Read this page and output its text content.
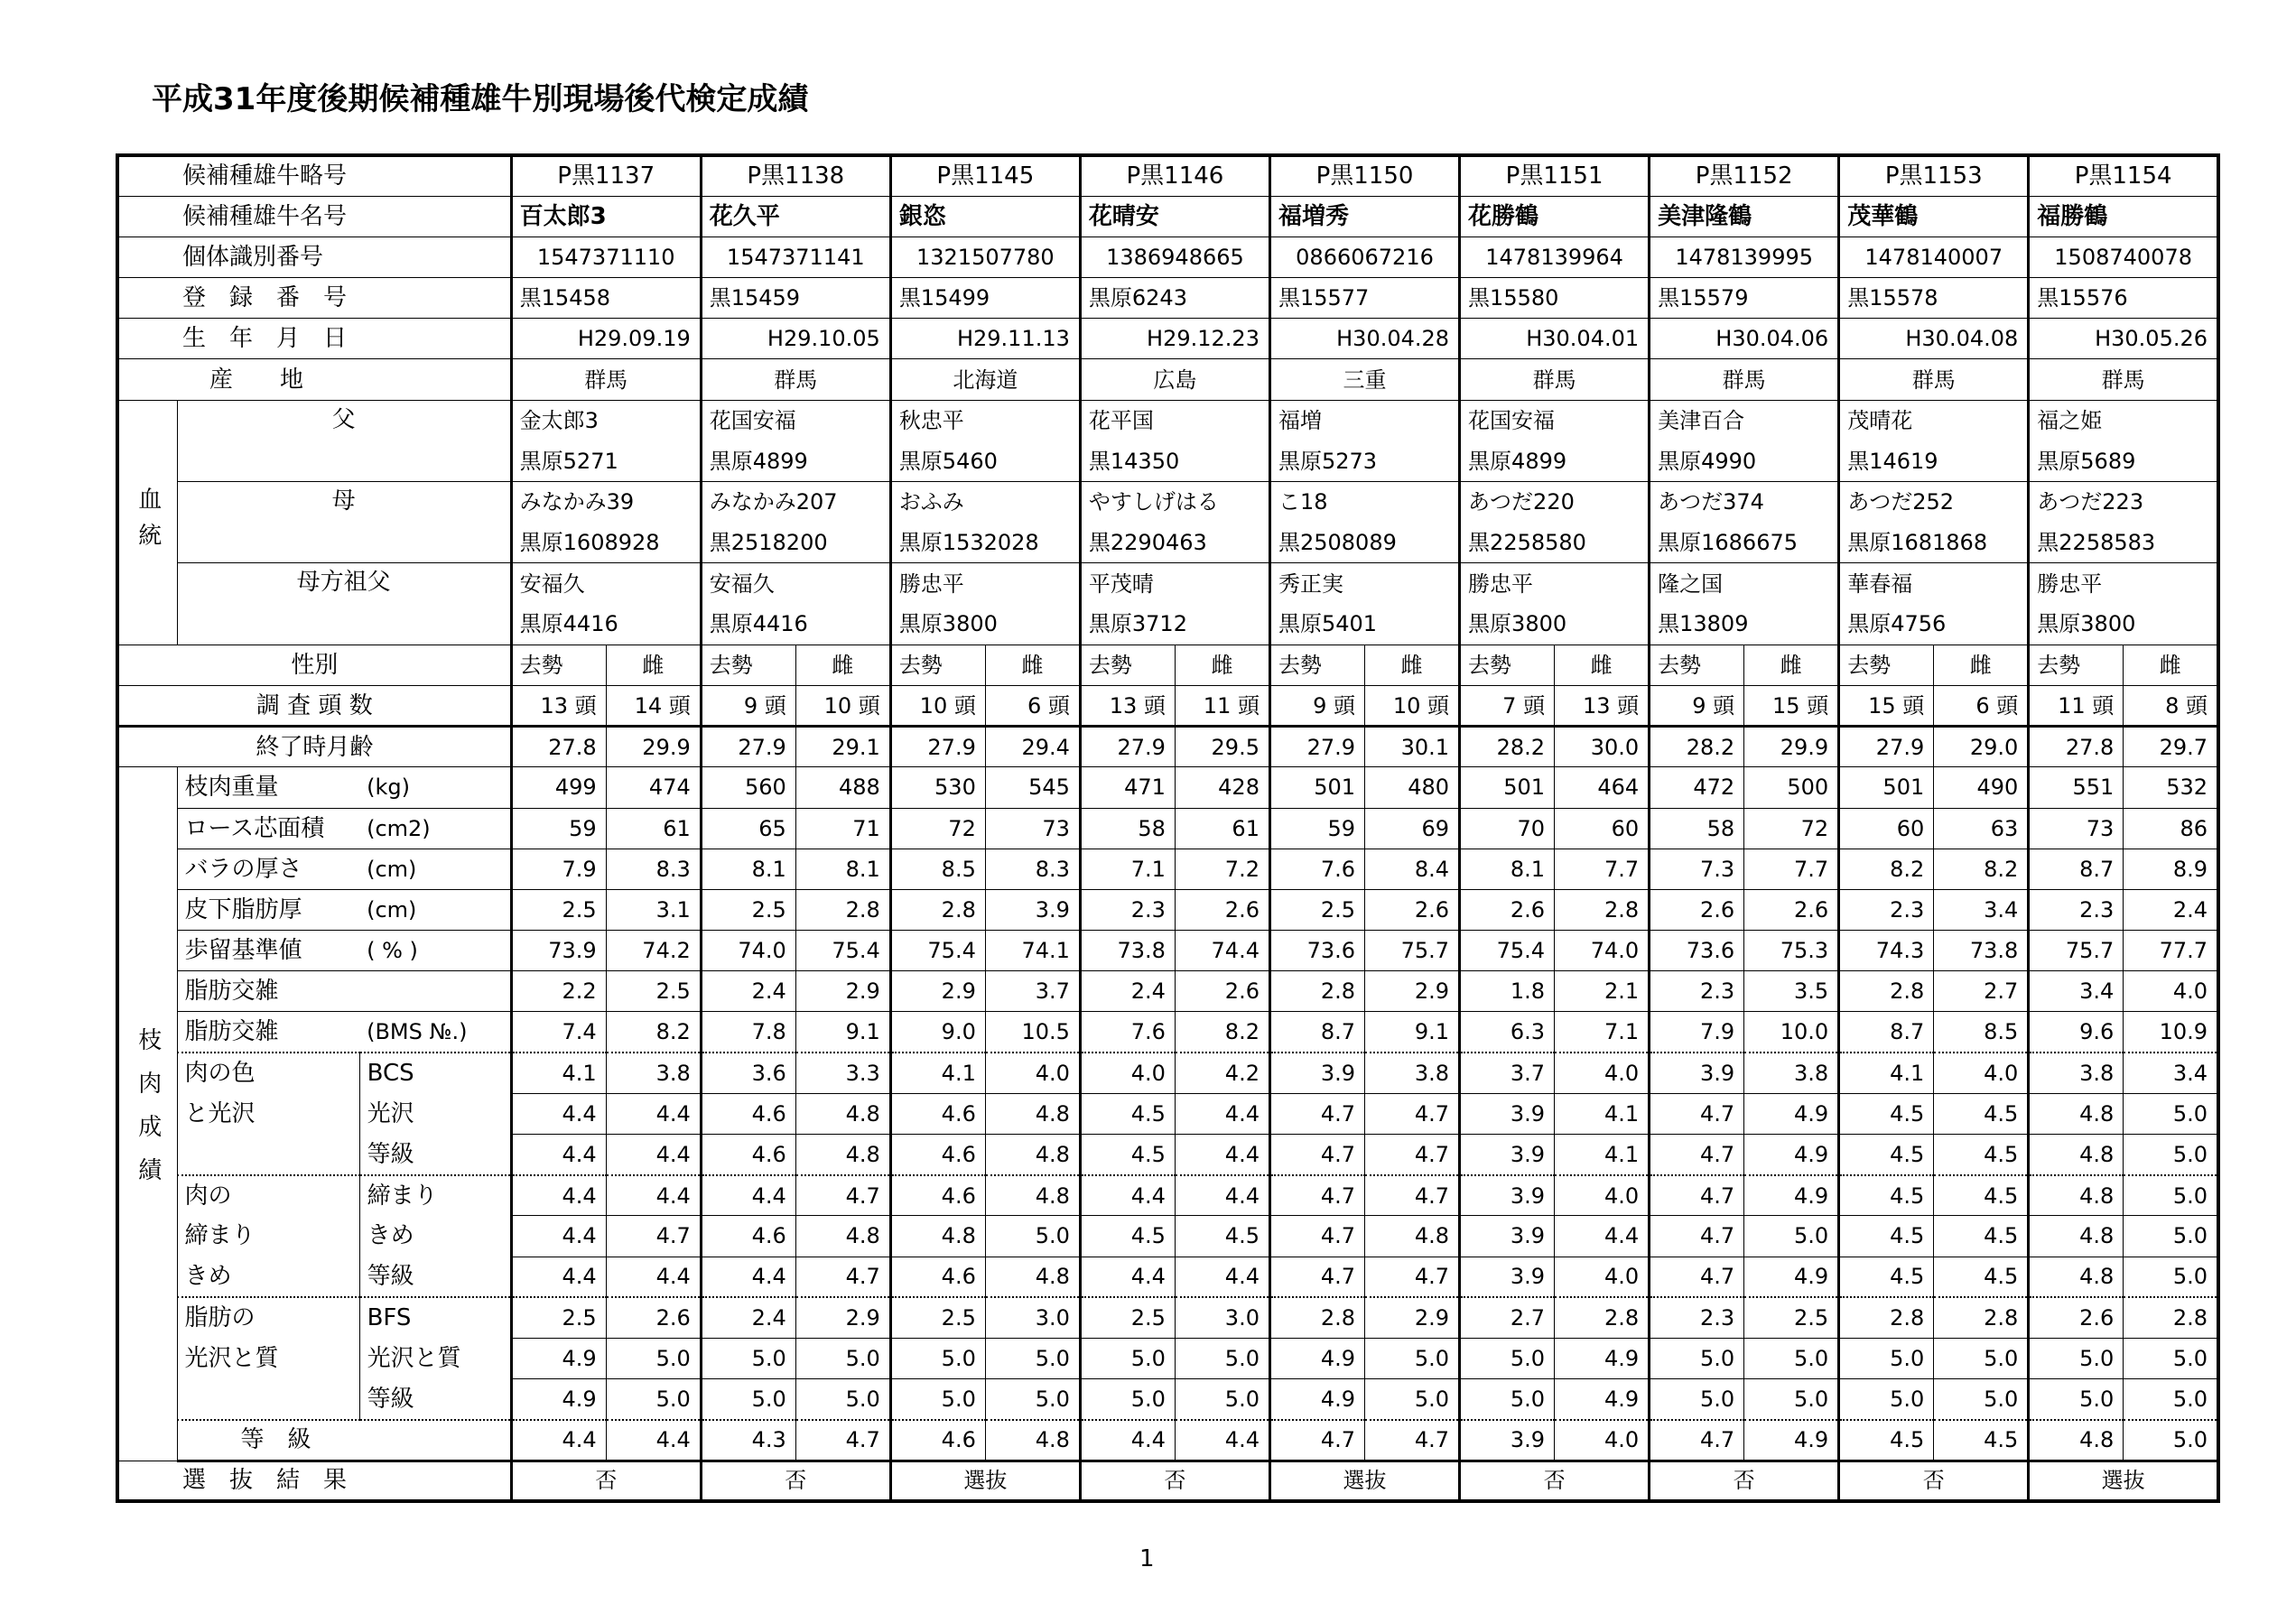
平成31年度後期候補種雄牛別現場後代検定成績
候補種雄牛略号			P黒1137		P黒1138		P黒1145		P黒1146		P黒1150		P黒1151		P黒1152		P黒1153		P黒1154	
候補種雄牛名号			百太郎3		花久平		銀恣		花晴安		福増秀		花勝鶴		美津隆鶴		茂華鶴		福勝鶴	
個体識別番号			1547371110		1547371141		1321507780		1386948665		0866067216		1478139964		1478139995		1478140007		1508740078	
登　録　番　号			黒15458		黒15459		黒15499		黒原6243		黒15577		黒15580		黒15579		黒15578		黒15576	
生　年　月　日			H29.09.19		H29.10.05		H29.11.13		H29.12.23		H30.04.28		H30.04.01		H30.04.06		H30.04.08		H30.05.26	
産　　地			群馬		群馬		北海道		広島		三重		群馬		群馬		群馬		群馬	

血統	父		金太郎3		花国安福		秋忠平		花平国		福増		花国安福		美津百合		茂晴花		福之姫	
			黒原5271		黒原4899		黒原5460		黒14350		黒原5273		黒原4899		黒原4990		黒14619		黒原5689	
	母		みなかみ39		みなかみ207		おふみ		やすしげはる		こ18		あつだ220		あつだ374		あつだ252		あつだ223	
			黒原1608928		黒2518200		黒原1532028		黒2290463		黒2508089		黒2258580		黒原1686675		黒原1681868		黒2258583	
	母方祖父		安福久		安福久		勝忠平		平茂晴		秀正実		勝忠平		隆之国		華春福		勝忠平	
			黒原4416		黒原4416		黒原3800		黒原3712		黒原5401		黒原3800		黒13809		黒原4756		黒原3800	
性別			去勢	雌	去勢	雌	去勢	雌	去勢	雌	去勢	雌	去勢	雌	去勢	雌	去勢	雌	去勢	雌
調 査 頭 数			13 頭	14 頭	9 頭	10 頭	10 頭	6 頭	13 頭	11 頭	9 頭	10 頭	7 頭	13 頭	9 頭	15 頭	15 頭	6 頭	11 頭	8 頭
終了時月齢			27.8	29.9	27.9	29.1	27.9	29.4	27.9	29.5	27.9	30.1	28.2	30.0	28.2	29.9	27.9	29.0	27.8	29.7

枝肉成績	枝肉重量	(kg)	499	474	560	488	530	545	471	428	501	480	501	464	472	500	501	490	551	532
	ロース芯面積	(cm2)	59	61	65	71	72	73	58	61	59	69	70	60	58	72	60	63	73	86
	バラの厚さ	(cm)	7.9	8.3	8.1	8.1	8.5	8.3	7.1	7.2	7.6	8.4	8.1	7.7	7.3	7.7	8.2	8.2	8.7	8.9
	皮下脂肪厚	(cm)	2.5	3.1	2.5	2.8	2.8	3.9	2.3	2.6	2.5	2.6	2.6	2.8	2.6	2.6	2.3	3.4	2.3	2.4
	歩留基準値	( % )	73.9	74.2	74.0	75.4	75.4	74.1	73.8	74.4	73.6	75.7	75.4	74.0	73.6	75.3	74.3	73.8	75.7	77.7
	脂肪交雑		2.2	2.5	2.4	2.9	2.9	3.7	2.4	2.6	2.8	2.9	1.8	2.1	2.3	3.5	2.8	2.7	3.4	4.0
	脂肪交雑	(BMS №.)	7.4	8.2	7.8	9.1	9.0	10.5	7.6	8.2	8.7	9.1	6.3	7.1	7.9	10.0	8.7	8.5	9.6	10.9
	肉の色	BCS	4.1	3.8	3.6	3.3	4.1	4.0	4.0	4.2	3.9	3.8	3.7	4.0	3.9	3.8	4.1	4.0	3.8	3.4
	と光沢	光沢	4.4	4.4	4.6	4.8	4.6	4.8	4.5	4.4	4.7	4.7	3.9	4.1	4.7	4.9	4.5	4.5	4.8	5.0
		等級	4.4	4.4	4.6	4.8	4.6	4.8	4.5	4.4	4.7	4.7	3.9	4.1	4.7	4.9	4.5	4.5	4.8	5.0
	肉の	締まり	4.4	4.4	4.4	4.7	4.6	4.8	4.4	4.4	4.7	4.7	3.9	4.0	4.7	4.9	4.5	4.5	4.8	5.0
	締まり	きめ	4.4	4.7	4.6	4.8	4.8	5.0	4.5	4.5	4.7	4.8	3.9	4.4	4.7	5.0	4.5	4.5	4.8	5.0
	きめ	等級	4.4	4.4	4.4	4.7	4.6	4.8	4.4	4.4	4.7	4.7	3.9	4.0	4.7	4.9	4.5	4.5	4.8	5.0
	脂肪の	BFS	2.5	2.6	2.4	2.9	2.5	3.0	2.5	3.0	2.8	2.9	2.7	2.8	2.3	2.5	2.8	2.8	2.6	2.8
	光沢と質	光沢と質	4.9	5.0	5.0	5.0	5.0	5.0	5.0	5.0	4.9	5.0	5.0	4.9	5.0	5.0	5.0	5.0	5.0	5.0
		等級	4.9	5.0	5.0	5.0	5.0	5.0	5.0	5.0	4.9	5.0	5.0	4.9	5.0	5.0	5.0	5.0	5.0	5.0
	等　級		4.4	4.4	4.3	4.7	4.6	4.8	4.4	4.4	4.7	4.7	3.9	4.0	4.7	4.9	4.5	4.5	4.8	5.0
選　抜　結　果			否		否		選抜		否		選抜		否		否		否		選抜	
1
